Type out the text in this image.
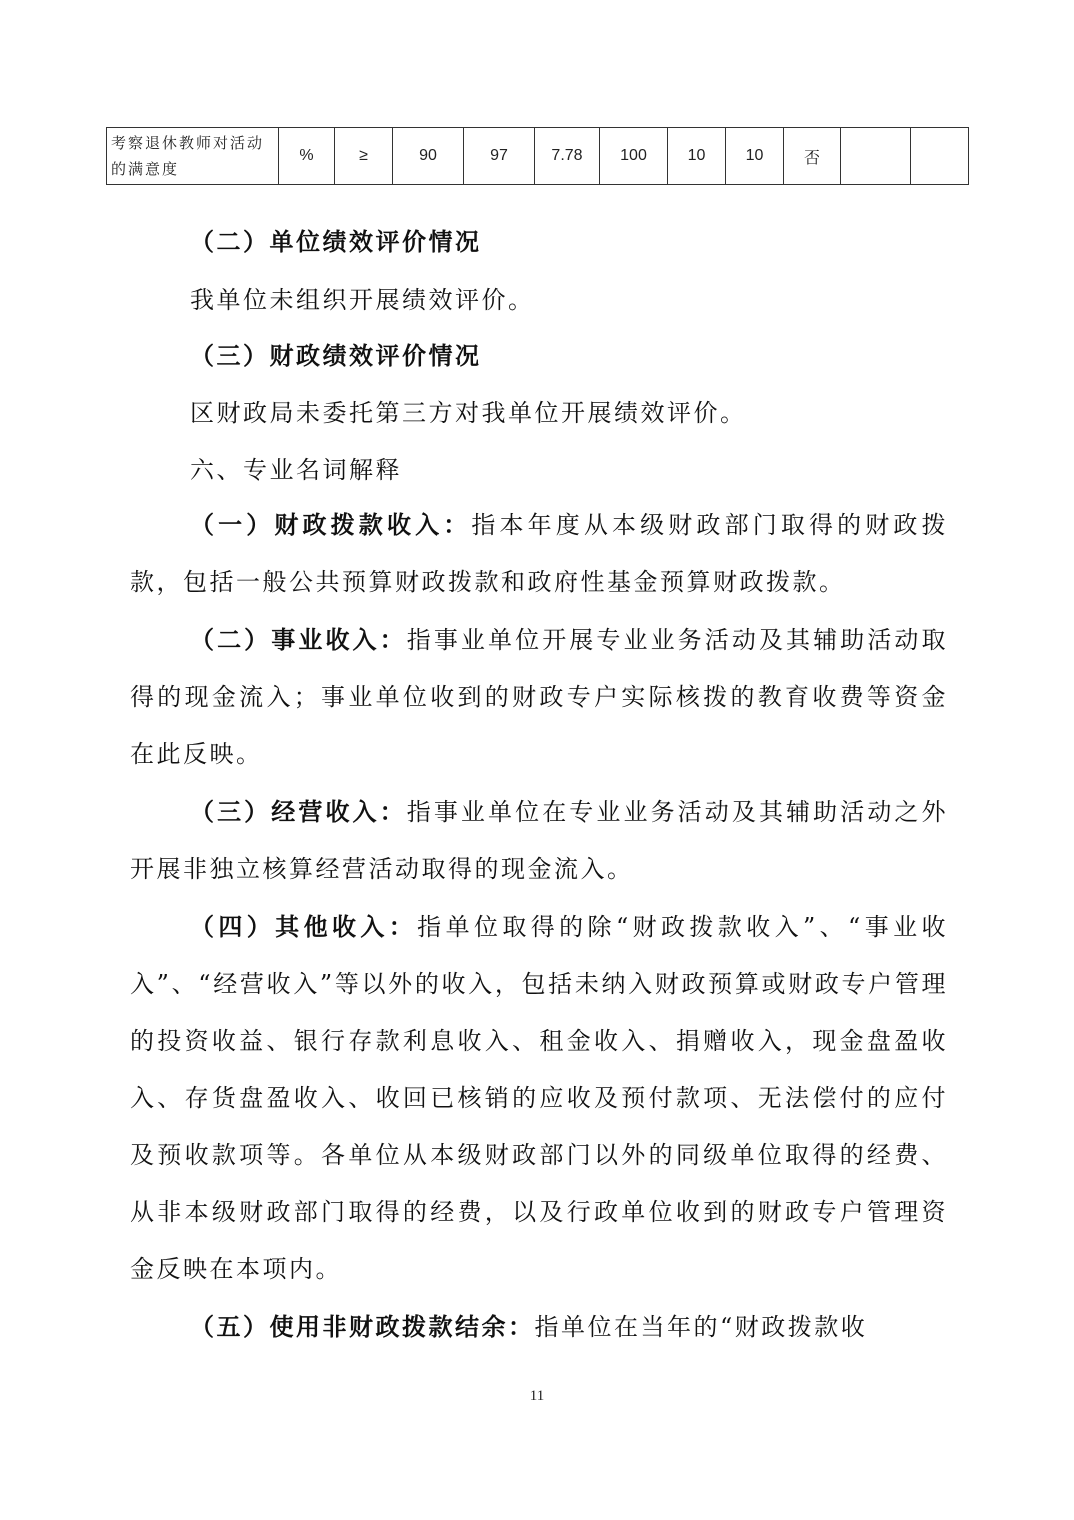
考察退休教师对活动的满意度	%	≥	90	97	7.78	100	10	10	否		
（二）单位绩效评价情况
我单位未组织开展绩效评价。
（三）财政绩效评价情况
区财政局未委托第三方对我单位开展绩效评价。
六、专业名词解释

（一）财政拨款收入：指本年度从本级财政部门取得的财政拨款，包括一般公共预算财政拨款和政府性基金预算财政拨款。

（二）事业收入：指事业单位开展专业业务活动及其辅助活动取得的现金流入；事业单位收到的财政专户实际核拨的教育收费等资金在此反映。

（三）经营收入：指事业单位在专业业务活动及其辅助活动之外开展非独立核算经营活动取得的现金流入。

（四）其他收入：指单位取得的除“财政拨款收入”、“事业收入”、“经营收入”等以外的收入，包括未纳入财政预算或财政专户管理的投资收益、银行存款利息收入、租金收入、捐赠收入，现金盘盈收入、存货盘盈收入、收回已核销的应收及预付款项、无法偿付的应付及预收款项等。各单位从本级财政部门以外的同级单位取得的经费、从非本级财政部门取得的经费，以及行政单位收到的财政专户管理资金反映在本项内。

（五）使用非财政拨款结余：指单位在当年的“财政拨款收

11
